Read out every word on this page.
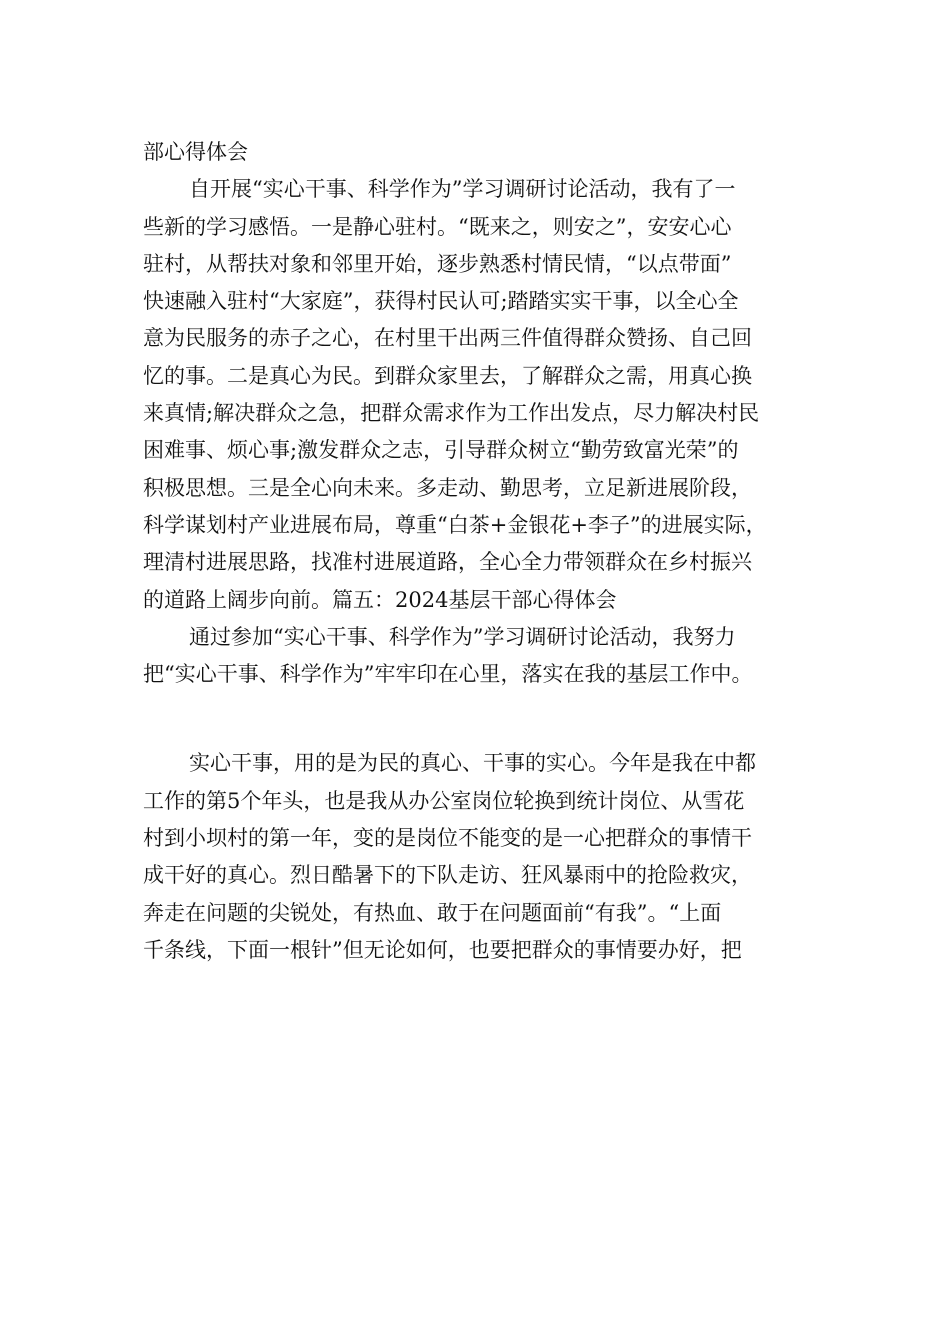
部心得体会
自开展“实心干事、科学作为”学习调研讨论活动，我有了一
些新的学习感悟。一是静心驻村。“既来之，则安之”，安安心心
驻村，从帮扶对象和邻里开始，逐步熟悉村情民情，“以点带面”
快速融入驻村“大家庭”，获得村民认可;踏踏实实干事，以全心全
意为民服务的赤子之心，在村里干出两三件值得群众赞扬、自己回
忆的事。二是真心为民。到群众家里去，了解群众之需，用真心换
来真情;解决群众之急，把群众需求作为工作出发点，尽力解决村民
困难事、烦心事;激发群众之志，引导群众树立“勤劳致富光荣”的
积极思想。三是全心向未来。多走动、勤思考，立足新进展阶段，
科学谋划村产业进展布局，尊重“白茶+金银花+李子”的进展实际，
理清村进展思路，找准村进展道路，全心全力带领群众在乡村振兴
的道路上阔步向前。篇五：2024基层干部心得体会
通过参加“实心干事、科学作为”学习调研讨论活动，我努力
把“实心干事、科学作为”牢牢印在心里，落实在我的基层工作中。
实心干事，用的是为民的真心、干事的实心。今年是我在中都
工作的第5个年头，也是我从办公室岗位轮换到统计岗位、从雪花
村到小坝村的第一年，变的是岗位不能变的是一心把群众的事情干
成干好的真心。烈日酷暑下的下队走访、狂风暴雨中的抢险救灾，
奔走在问题的尖锐处，有热血、敢于在问题面前“有我”。“上面
千条线，下面一根针”但无论如何，也要把群众的事情要办好，把
